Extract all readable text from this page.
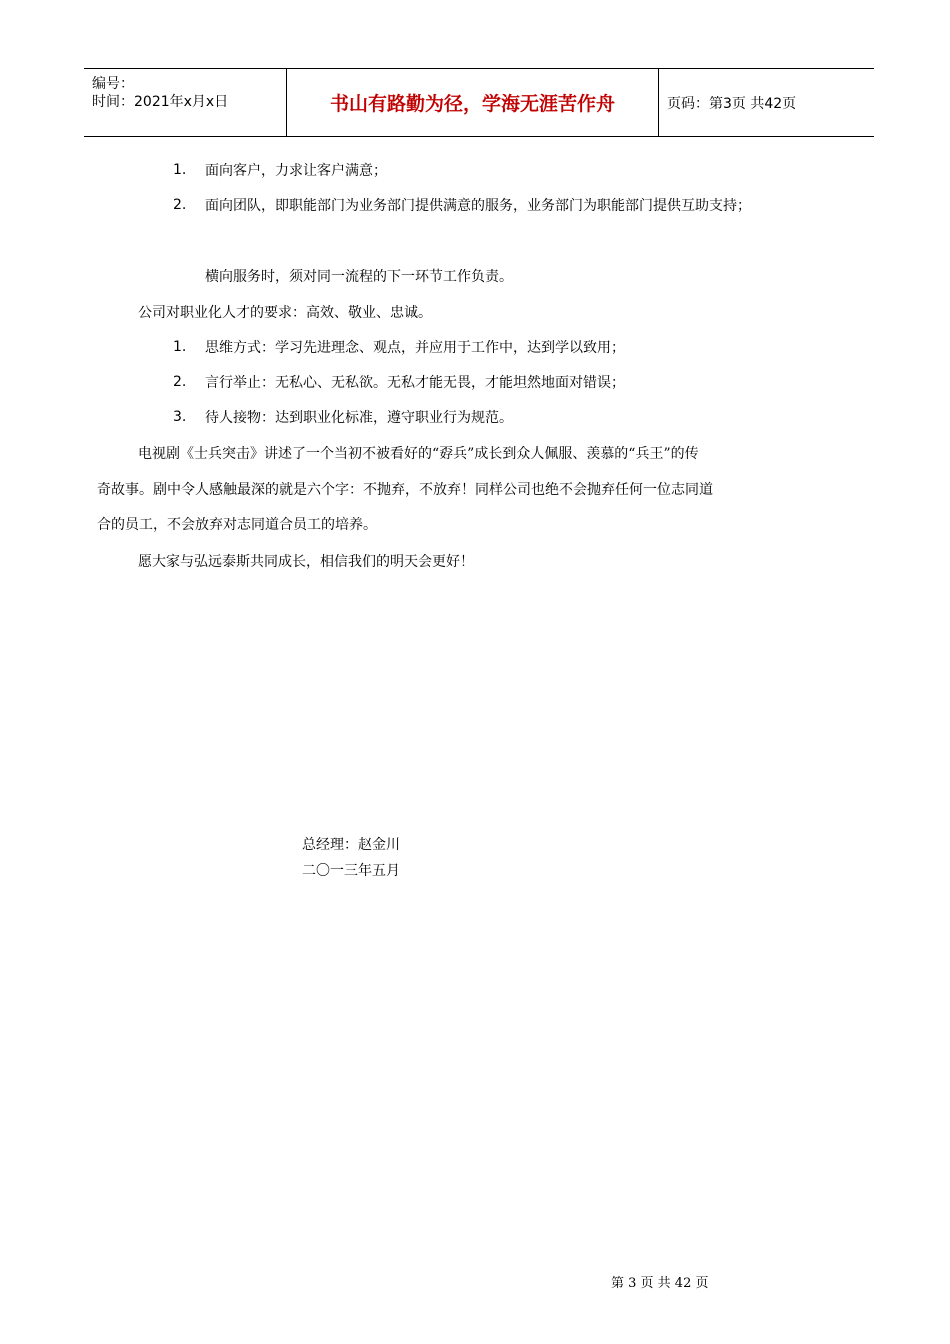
编号：
时间：2021年x月x日	书山有路勤为径，学海无涯苦作舟	页码：第3页 共42页
1. 面向客户，力求让客户满意；
2. 面向团队，即职能部门为业务部门提供满意的服务，业务部门为职能部门提供互助支持；
横向服务时，须对同一流程的下一环节工作负责。
公司对职业化人才的要求：高效、敬业、忠诚。
1. 思维方式：学习先进理念、观点，并应用于工作中，达到学以致用；
2. 言行举止：无私心、无私欲。无私才能无畏，才能坦然地面对错误；
3. 待人接物：达到职业化标准，遵守职业行为规范。
电视剧《士兵突击》讲述了一个当初不被看好的“孬兵”成长到众人佩服、羡慕的“兵王”的传
奇故事。剧中令人感触最深的就是六个字：不抛弃，不放弃！同样公司也绝不会抛弃任何一位志同道
合的员工，不会放弃对志同道合员工的培养。
愿大家与弘远泰斯共同成长，相信我们的明天会更好！
总经理：赵金川
二〇一三年五月
第 3 页 共 42 页
